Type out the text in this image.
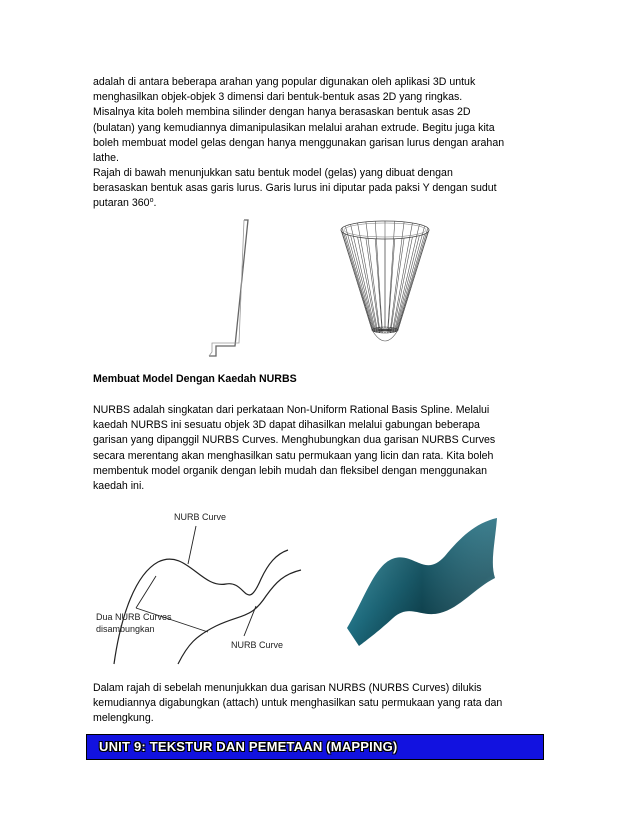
adalah di antara beberapa arahan yang popular digunakan oleh aplikasi 3D untuk
menghasilkan objek-objek 3 dimensi dari bentuk-bentuk asas 2D yang ringkas.
Misalnya kita boleh membina silinder dengan hanya berasaskan bentuk asas 2D
(bulatan) yang kemudiannya dimanipulasikan melalui arahan extrude. Begitu juga kita
boleh membuat model gelas dengan hanya menggunakan garisan lurus dengan arahan
lathe.

Rajah di bawah menunjukkan satu bentuk model (gelas) yang dibuat dengan
berasaskan bentuk asas garis lurus. Garis lurus ini diputar pada paksi Y dengan sudut
putaran 360$^o$.

Membuat Model Dengan Kaedah NURBS

NURBS adalah singkatan dari perkataan Non-Uniform Rational Basis Spline. Melalui
kaedah NURBS ini sesuatu objek 3D dapat dihasilkan melalui gabungan beberapa
garisan yang dipanggil NURBS Curves. Menghubungkan dua garisan NURBS Curves
secara merentang akan menghasilkan satu permukaan yang licin dan rata. Kita boleh
membentuk model organik dengan lebih mudah dan fleksibel dengan menggunakan
kaedah ini.

NURB Curve
Dua NURB Curves
disambungkan
NURB Curve

Dalam rajah di sebelah menunjukkan dua garisan NURBS (NURBS Curves) dilukis
kemudiannya digabungkan (attach) untuk menghasilkan satu permukaan yang rata dan
melengkung.

UNIT 9: TEKSTUR DAN PEMETAAN (MAPPING)
